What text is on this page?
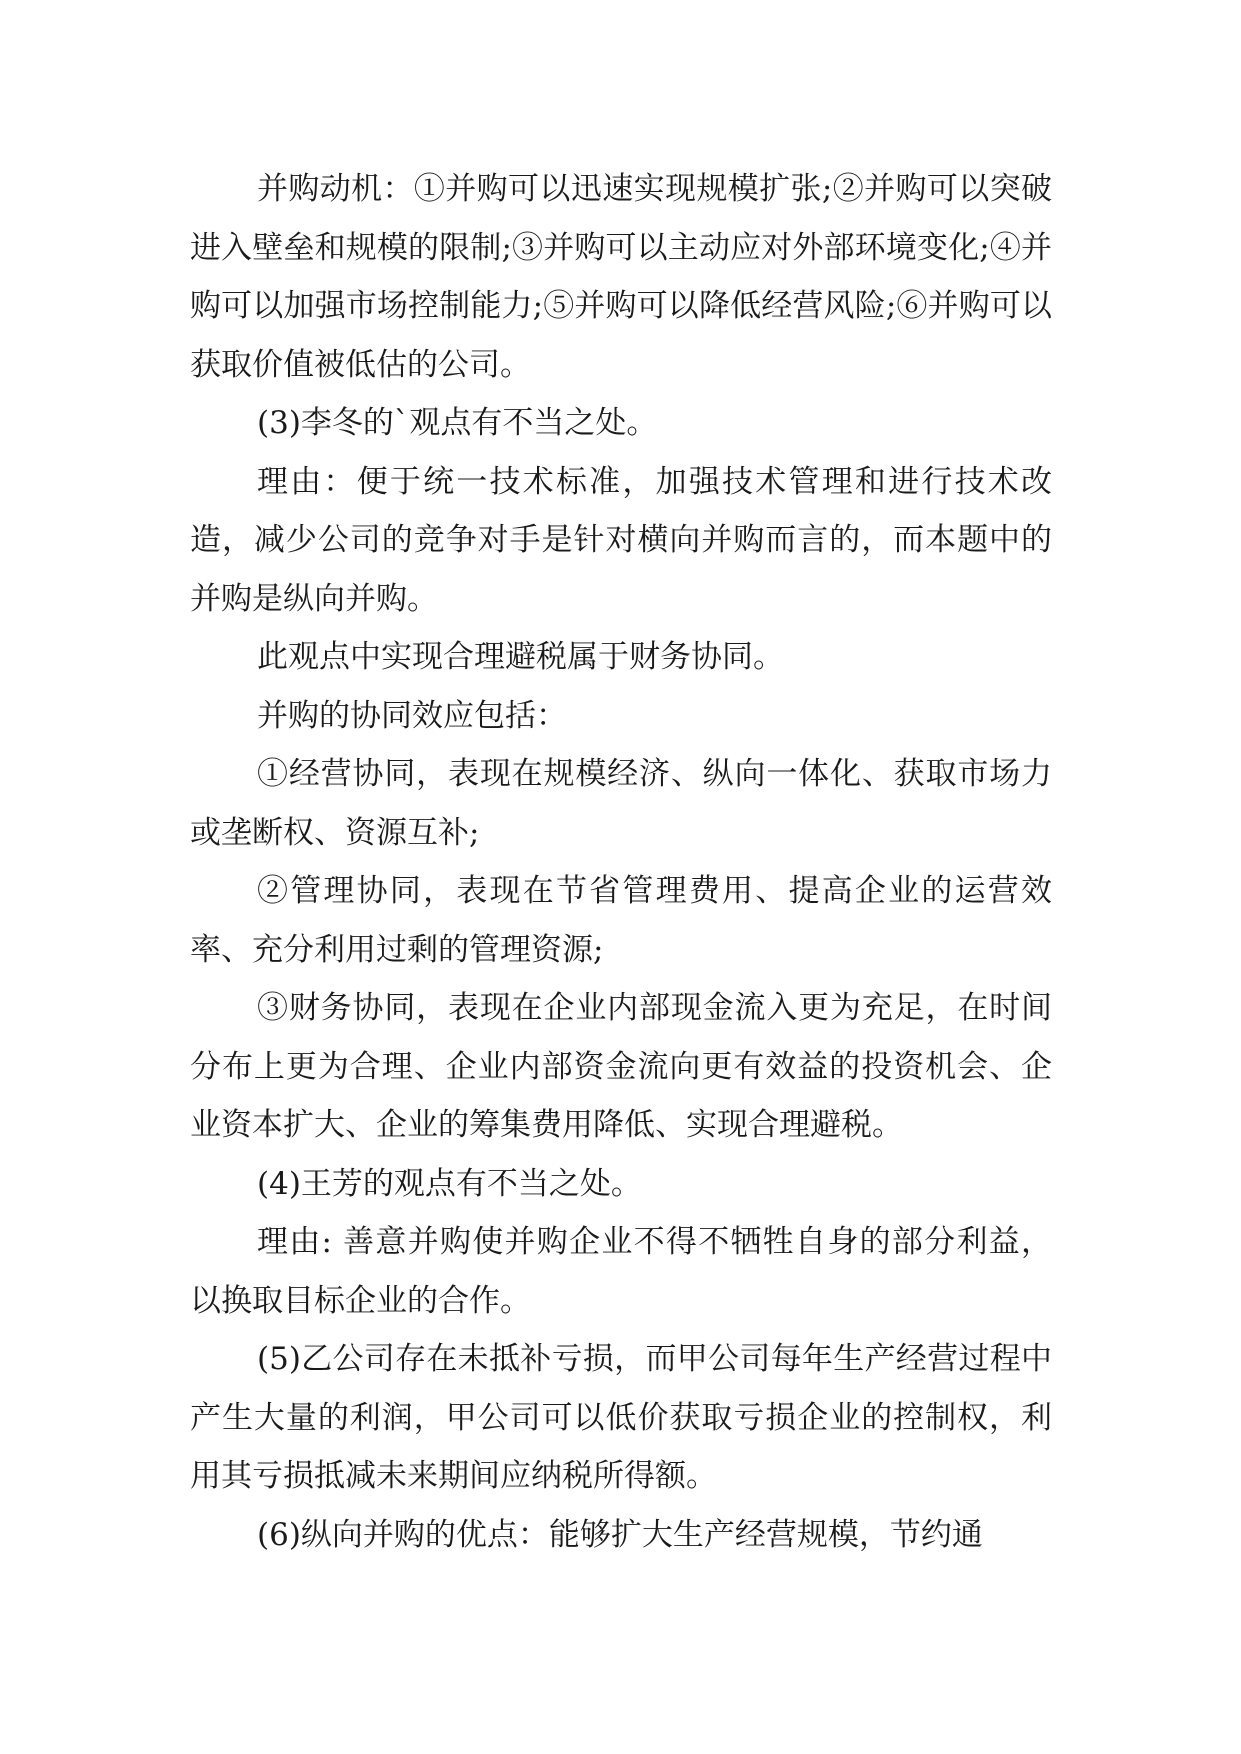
并购动机：①并购可以迅速实现规模扩张;②并购可以突破进入壁垒和规模的限制;③并购可以主动应对外部环境变化;④并购可以加强市场控制能力;⑤并购可以降低经营风险;⑥并购可以获取价值被低估的公司。

(3)李冬的`观点有不当之处。

理由：便于统一技术标准，加强技术管理和进行技术改造，减少公司的竞争对手是针对横向并购而言的，而本题中的并购是纵向并购。

此观点中实现合理避税属于财务协同。

并购的协同效应包括：

①经营协同，表现在规模经济、纵向一体化、获取市场力或垄断权、资源互补;

②管理协同，表现在节省管理费用、提高企业的运营效率、充分利用过剩的管理资源;

③财务协同，表现在企业内部现金流入更为充足，在时间分布上更为合理、企业内部资金流向更有效益的投资机会、企业资本扩大、企业的筹集费用降低、实现合理避税。

(4)王芳的观点有不当之处。

理由: 善意并购使并购企业不得不牺牲自身的部分利益，以换取目标企业的合作。

(5)乙公司存在未抵补亏损，而甲公司每年生产经营过程中产生大量的利润，甲公司可以低价获取亏损企业的控制权，利用其亏损抵减未来期间应纳税所得额。

(6)纵向并购的优点：能够扩大生产经营规模，节约通
